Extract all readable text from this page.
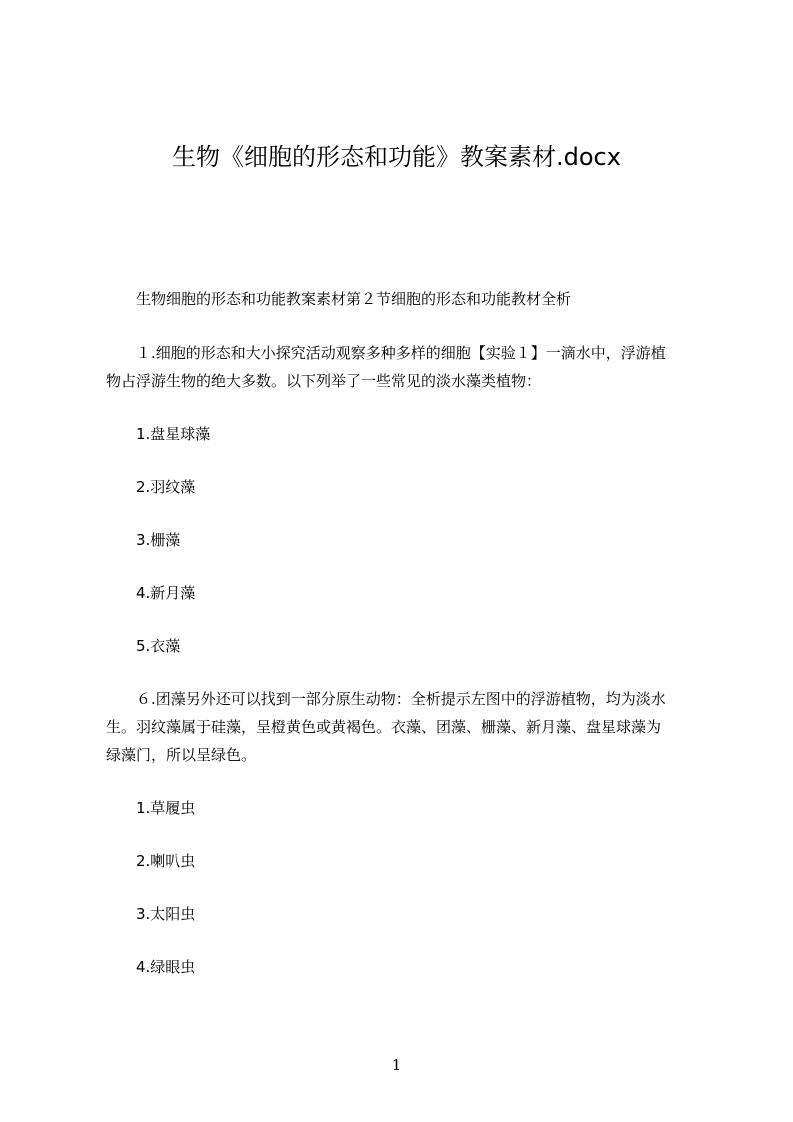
生物《细胞的形态和功能》教案素材.docx
生物细胞的形态和功能教案素材第２节细胞的形态和功能教材全析
１.细胞的形态和大小探究活动观察多种多样的细胞【实验１】一滴水中，浮游植
物占浮游生物的绝大多数。以下列举了一些常见的淡水藻类植物：
1.盘星球藻
2.羽纹藻
3.栅藻
4.新月藻
5.衣藻
６.团藻另外还可以找到一部分原生动物：全析提示左图中的浮游植物，均为淡水
生。羽纹藻属于硅藻，呈橙黄色或黄褐色。衣藻、团藻、栅藻、新月藻、盘星球藻为
绿藻门，所以呈绿色。
1.草履虫
2.喇叭虫
3.太阳虫
4.绿眼虫
1
